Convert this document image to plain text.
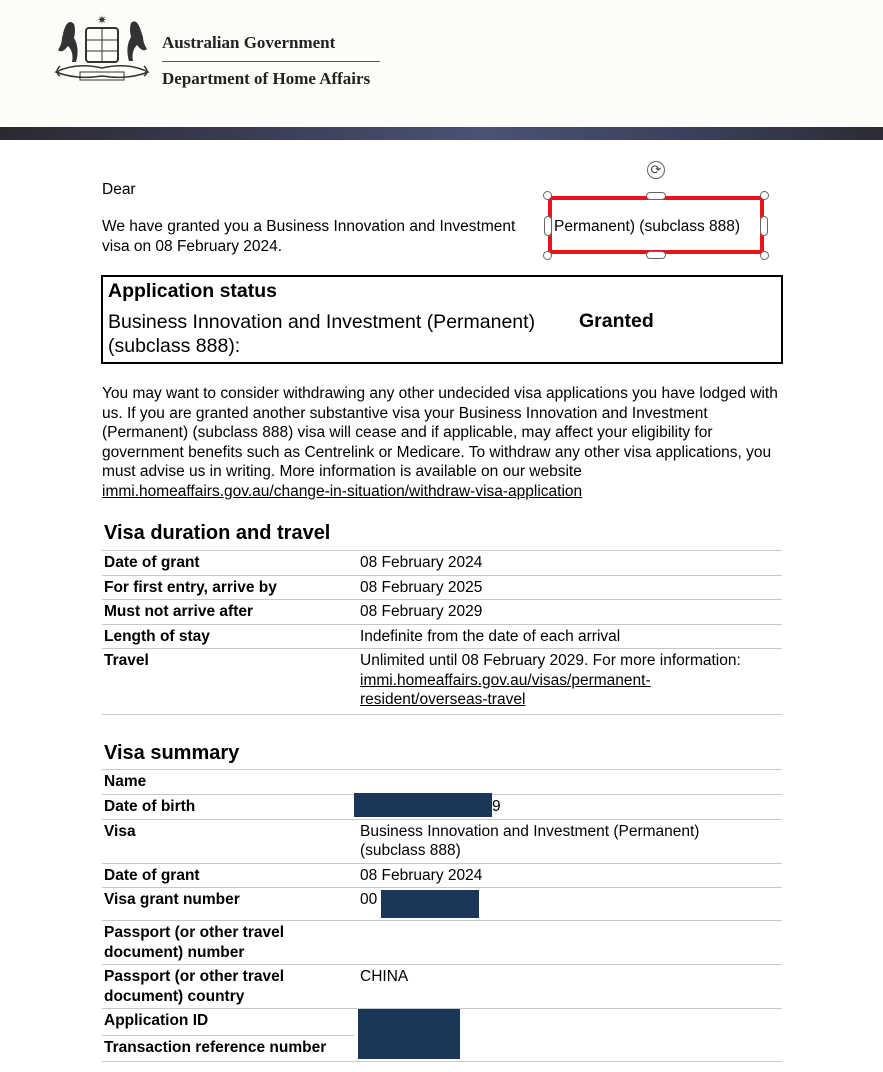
✷
Australian Government
Department of Home Affairs
Dear
We have granted you a Business Innovation and Investment
visa on 08 February 2024.
Permanent) (subclass 888)
⟳
Application status
Business Innovation and Investment (Permanent) (subclass 888):
Granted
You may want to consider withdrawing any other undecided visa applications you have lodged with us. If you are granted another substantive visa your Business Innovation and Investment (Permanent) (subclass 888) visa will cease and if applicable, may affect your eligibility for government benefits such as Centrelink or Medicare. To withdraw any other visa applications, you must advise us in writing. More information is available on our website
immi.homeaffairs.gov.au/change-in-situation/withdraw-visa-application
Visa duration and travel
Date of grant	08 February 2024
For first entry, arrive by	08 February 2025
Must not arrive after	08 February 2029
Length of stay	Indefinite from the date of each arrival
Travel	Unlimited until 08 February 2029. For more information:
immi.homeaffairs.gov.au/visas/permanent-resident/overseas-travel
Visa summary
Name	
Date of birth	9
Visa	Business Innovation and Investment (Permanent) (subclass 888)
Date of grant	08 February 2024
Visa grant number	00
Passport (or other travel document) number	
Passport (or other travel document) country	CHINA
Application ID	
Transaction reference number	
